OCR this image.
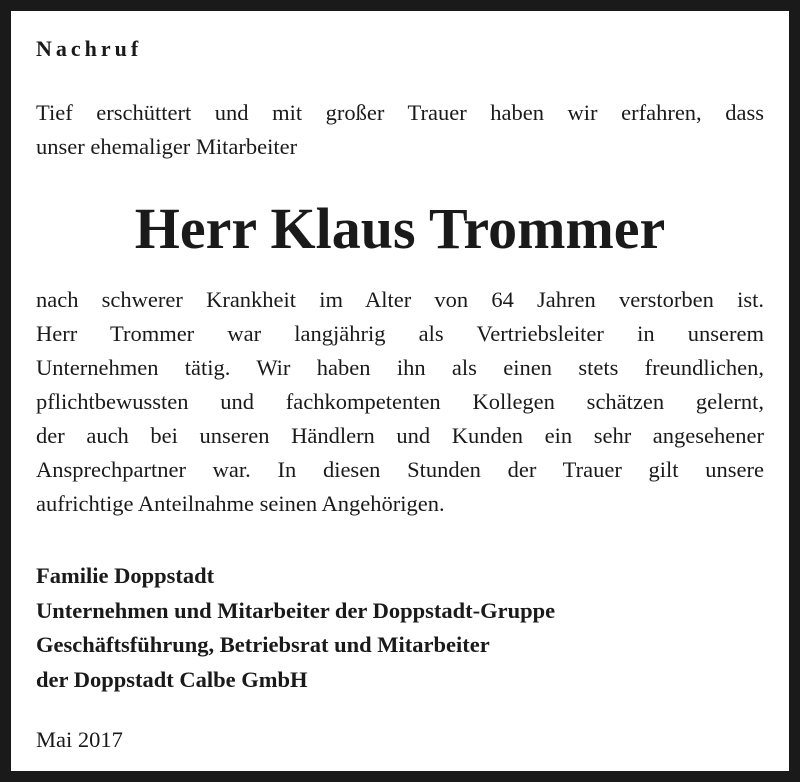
Nachruf
Tief erschüttert und mit großer Trauer haben wir erfahren, dass
unser ehemaliger Mitarbeiter
Herr Klaus Trommer
nach schwerer Krankheit im Alter von 64 Jahren verstorben ist.
Herr Trommer war langjährig als Vertriebsleiter in unserem
Unternehmen tätig. Wir haben ihn als einen stets freundlichen,
pflichtbewussten und fachkompetenten Kollegen schätzen gelernt,
der auch bei unseren Händlern und Kunden ein sehr angesehener
Ansprechpartner war. In diesen Stunden der Trauer gilt unsere
aufrichtige Anteilnahme seinen Angehörigen.
Familie Doppstadt
Unternehmen und Mitarbeiter der Doppstadt-Gruppe
Geschäftsführung, Betriebsrat und Mitarbeiter
der Doppstadt Calbe GmbH
Mai 2017
